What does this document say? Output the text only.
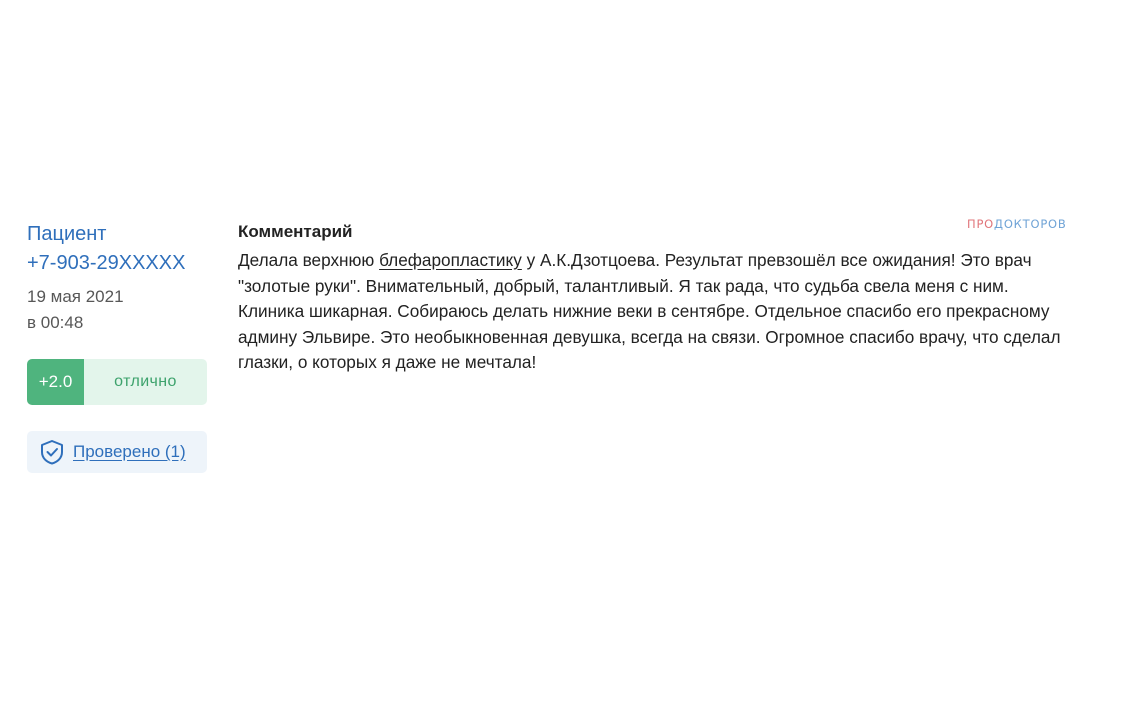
Пациент
+7-903-29XXXXX
19 мая 2021
в 00:48
+2.0	отлично
Проверено (1)
Комментарий
Делала верхнюю блефаропластику у А.К.Дзотцоева. Результат превзошёл все ожидания! Это врач "золотые руки". Внимательный, добрый, талантливый. Я так рада, что судьба свела меня с ним. Клиника шикарная. Собираюсь делать нижние веки в сентябре. Отдельное спасибо его прекрасному админу Эльвире. Это необыкновенная девушка, всегда на связи. Огромное спасибо врачу, что сделал глазки, о которых я даже не мечтала!
ПРОДОКТОРОВ
